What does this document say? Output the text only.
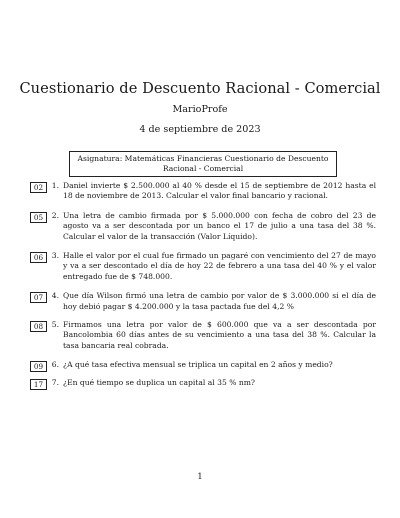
Cuestionario de Descuento Racional - Comercial
MarioProfe
4 de septiembre de 2023
Asignatura: Matemáticas Financieras Cuestionario de Descuento Racional - Comercial
02	1. Daniel invierte $ 2.500.000 al 40 % desde el 15 de septiembre de 2012 hasta el 18 de noviembre de 2013. Calcular el valor final bancario y racional.
05	2. Una letra de cambio firmada por $ 5.000.000 con fecha de cobro del 23 de agosto va a ser descontada por un banco el 17 de julio a una tasa del 38 %. Calcular el valor de la transacción (Valor Líquido).
06	3. Halle el valor por el cual fue firmado un pagaré con vencimiento del 27 de mayo y va a ser descontado el día de hoy 22 de febrero a una tasa del 40 % y el valor entregado fue de $ 748.000.
07	4. Que día Wilson firmó una letra de cambio por valor de $ 3.000.000 si el día de hoy debió pagar $ 4.200.000 y la tasa pactada fue del 4,2 %
08	5. Firmamos una letra por valor de $ 600.000 que va a ser descontada por Bancolombia 60 días antes de su vencimiento a una tasa del 38 %. Calcular la tasa bancaria real cobrada.
09	6. ¿A qué tasa efectiva mensual se triplica un capital en 2 años y medio?
17	7. ¿En qué tiempo se duplica un capital al 35 % nm?
1
